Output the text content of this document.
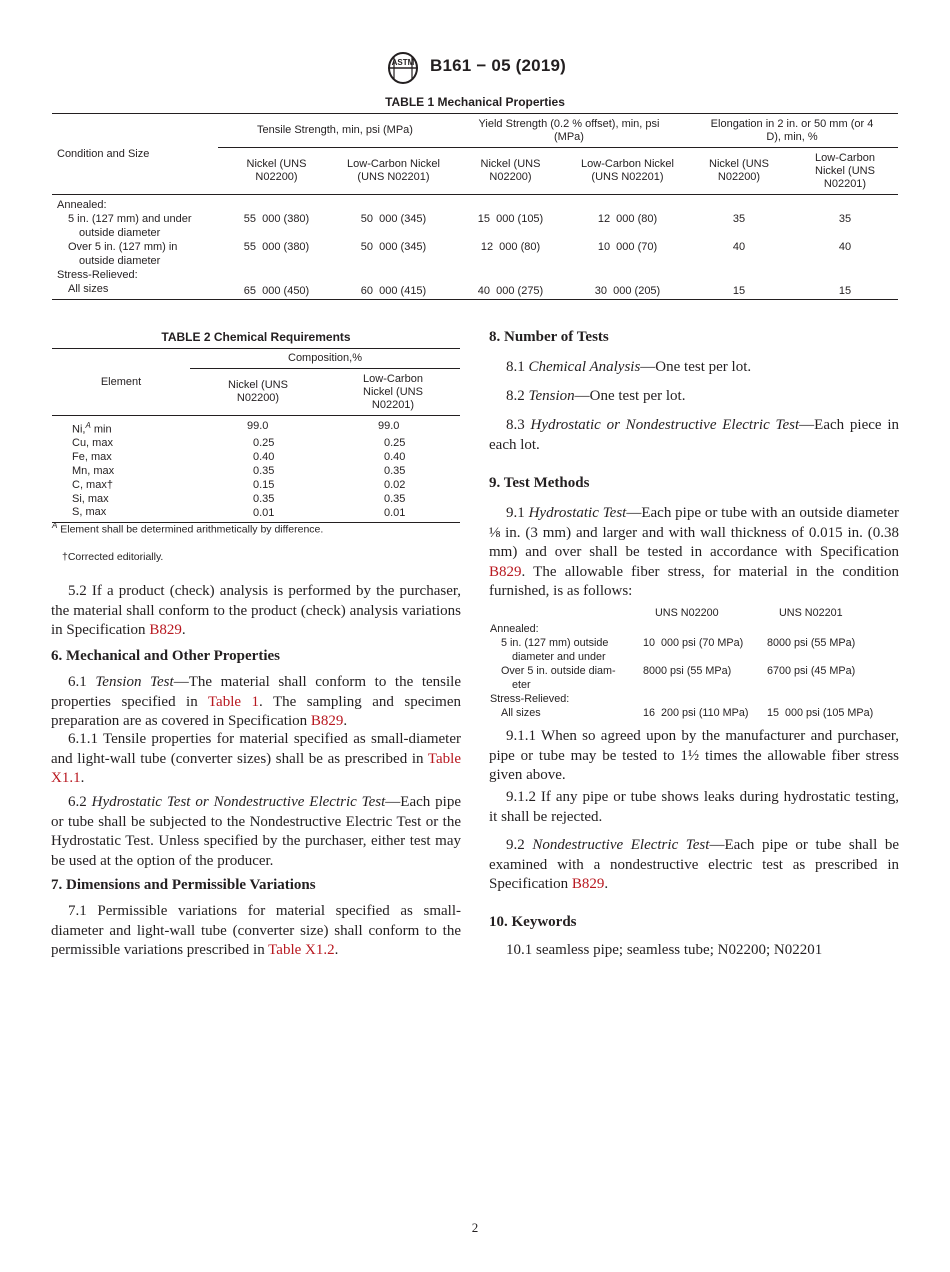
ASTM B161 − 05 (2019)
TABLE 1 Mechanical Properties
Condition and Size	Tensile Strength, min, psi (MPa)		Yield Strength (0.2 % offset), min, psi (MPa)		Elongation in 2 in. or 50 mm (or 4 D), min, %	
	Nickel (UNS N02200)	Low-Carbon Nickel (UNS N02201)	Nickel (UNS N02200)	Low-Carbon Nickel (UNS N02201)	Nickel (UNS N02200)	Low-Carbon Nickel (UNS N02201)
Annealed:						
5 in. (127 mm) and under	55  000 (380)	50  000 (345)	15  000 (105)	12  000 (80)	35	35
outside diameter						
Over 5 in. (127 mm) in	55  000 (380)	50  000 (345)	12  000 (80)	10  000 (70)	40	40
outside diameter						
Stress-Relieved:						
All sizes	65  000 (450)	60  000 (415)	40  000 (275)	30  000 (205)	15	15
TABLE 2 Chemical Requirements
Element	Composition,%	
	Nickel (UNS N02200)	Low-Carbon Nickel (UNS N02201)
Ni,$^A$ min	99.0	99.0
Cu, max	0.25	0.25
Fe, max	0.40	0.40
Mn, max	0.35	0.35
C, max†	0.15	0.02
Si, max	0.35	0.35
S, max	0.01	0.01
$^A$ Element shall be determined arithmetically by difference.
†Corrected editorially.
5.2 If a product (check) analysis is performed by the purchaser, the material shall conform to the product (check) analysis variations in Specification B829.
6. Mechanical and Other Properties
6.1 Tension Test—The material shall conform to the tensile properties specified in Table 1. The sampling and specimen preparation are as covered in Specification B829.
6.1.1 Tensile properties for material specified as small-diameter and light-wall tube (converter sizes) shall be as prescribed in Table X1.1.
6.2 Hydrostatic Test or Nondestructive Electric Test—Each pipe or tube shall be subjected to the Nondestructive Electric Test or the Hydrostatic Test. Unless specified by the purchaser, either test may be used at the option of the producer.
7. Dimensions and Permissible Variations
7.1 Permissible variations for material specified as small-diameter and light-wall tube (converter size) shall conform to the permissible variations prescribed in Table X1.2.
8. Number of Tests
8.1 Chemical Analysis—One test per lot.
8.2 Tension—One test per lot.
8.3 Hydrostatic or Nondestructive Electric Test—Each piece in each lot.
9. Test Methods
9.1 Hydrostatic Test—Each pipe or tube with an outside diameter ⅛ in. (3 mm) and larger and with wall thickness of 0.015 in. (0.38 mm) and over shall be tested in accordance with Specification B829. The allowable fiber stress, for material in the condition furnished, is as follows:
	UNS N02200	UNS N02201
Annealed:		
5 in. (127 mm) outside	10  000 psi (70 MPa)	8000 psi (55 MPa)
diameter and under		
Over 5 in. outside diam-	8000 psi (55 MPa)	6700 psi (45 MPa)
eter		
Stress-Relieved:		
All sizes	16  200 psi (110 MPa)	15  000 psi (105 MPa)
9.1.1 When so agreed upon by the manufacturer and purchaser, pipe or tube may be tested to 1½ times the allowable fiber stress given above.
9.1.2 If any pipe or tube shows leaks during hydrostatic testing, it shall be rejected.
9.2 Nondestructive Electric Test—Each pipe or tube shall be examined with a nondestructive electric test as prescribed in Specification B829.
10. Keywords
10.1 seamless pipe; seamless tube; N02200; N02201
2
